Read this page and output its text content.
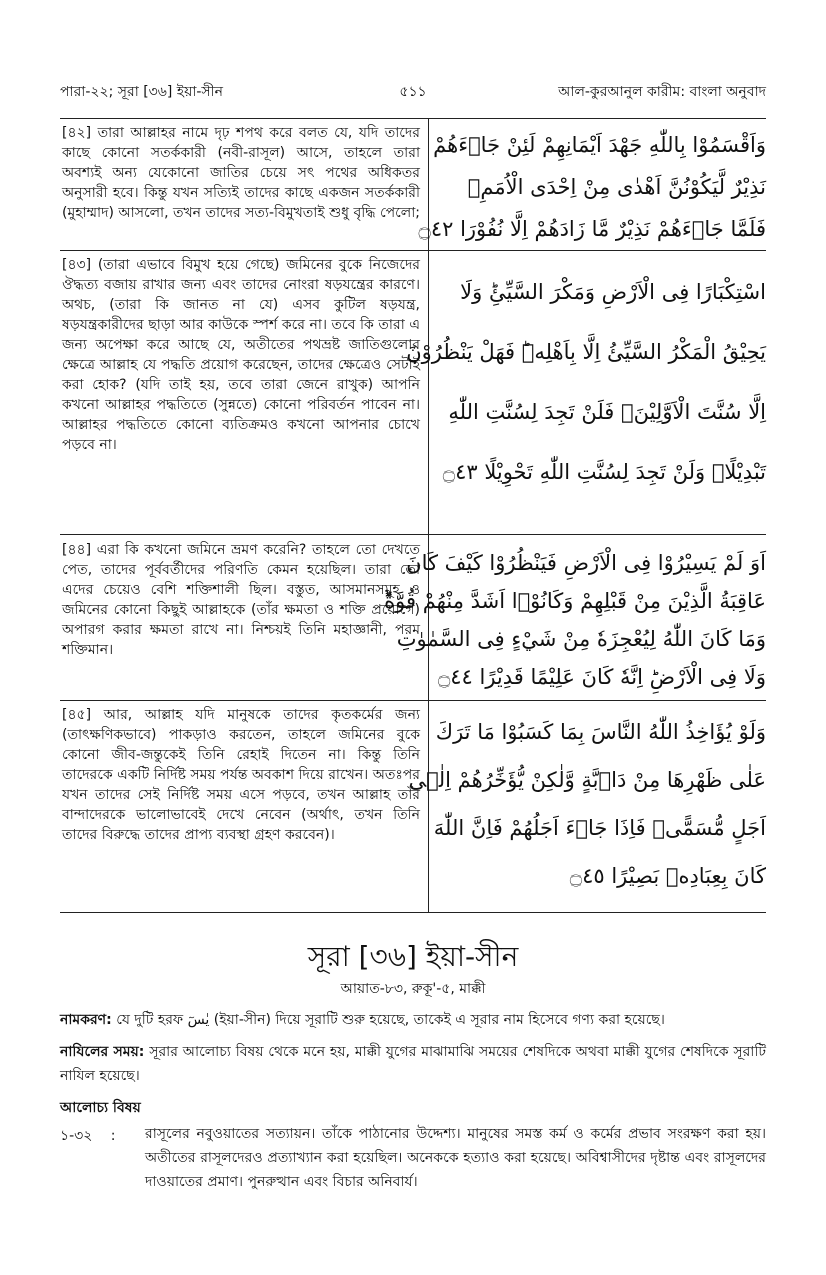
পারা-২২; সূরা [৩৬] ইয়া-সীন	৫১১	আল-কুরআনুল কারীম: বাংলা অনুবাদ
[৪২] তারা আল্লাহর নামে দৃঢ় শপথ করে বলত যে, যদি তাদের কাছে কোনো সতর্ককারী (নবী-রাসূল) আসে, তাহলে তারা অবশ্যই অন্য যেকোনো জাতির চেয়ে সৎ পথের অধিকতর অনুসারী হবে। কিন্তু যখন সত্যিই তাদের কাছে একজন সতর্ককারী (মুহাম্মাদ) আসলো, তখন তাদের সত্য-বিমুখতাই শুধু বৃদ্ধি পেলো;
وَاَقْسَمُوْا بِاللّٰهِ جَهْدَ اَيْمَانِهِمْ لَئِنْ جَاۤءَهُمْ
نَذِيْرٌ لَّيَكُوْنُنَّ اَهْدٰى مِنْ اِحْدَى الْاُمَمِۚ
فَلَمَّا جَاۤءَهُمْ نَذِيْرٌ مَّا زَادَهُمْ اِلَّا نُفُوْرَا ۝٤٢
[৪৩] (তারা এভাবে বিমুখ হয়ে গেছে) জমিনের বুকে নিজেদের ঔদ্ধত্য বজায় রাখার জন্য এবং তাদের নোংরা ষড়যন্ত্রের কারণে। অথচ, (তারা কি জানত না যে) এসব কুটিল ষড়যন্ত্র, ষড়যন্ত্রকারীদের ছাড়া আর কাউকে স্পর্শ করে না। তবে কি তারা এ জন্য অপেক্ষা করে আছে যে, অতীতের পথভ্রষ্ট জাতিগুলোর ক্ষেত্রে আল্লাহ যে পদ্ধতি প্রয়োগ করেছেন, তাদের ক্ষেত্রেও সেটাই করা হোক? (যদি তাই হয়, তবে তারা জেনে রাখুক) আপনি কখনো আল্লাহর পদ্ধতিতে (সুন্নতে) কোনো পরিবর্তন পাবেন না। আল্লাহর পদ্ধতিতে কোনো ব্যতিক্রমও কখনো আপনার চোখে পড়বে না।
اسْتِكْبَارًا فِى الْاَرْضِ وَمَكْرَ السَّيِّئِؕ وَلَا
يَحِيْقُ الْمَكْرُ السَّيِّئُ اِلَّا بِاَهْلِهٖؕ فَهَلْ يَنْظُرُوْنَ
اِلَّا سُنَّتَ الْاَوَّلِيْنَۚ فَلَنْ تَجِدَ لِسُنَّتِ اللّٰهِ
تَبْدِيْلًاۚ وَلَنْ تَجِدَ لِسُنَّتِ اللّٰهِ تَحْوِيْلًا ۝٤٣
[৪৪] এরা কি কখনো জমিনে ভ্রমণ করেনি? তাহলে তো দেখতে পেত, তাদের পূর্ববর্তীদের পরিণতি কেমন হয়েছিল। তারা তো এদের চেয়েও বেশি শক্তিশালী ছিল। বস্তুত, আসমানসমূহ ও জমিনের কোনো কিছুই আল্লাহকে (তাঁর ক্ষমতা ও শক্তি প্রয়োগে) অপারগ করার ক্ষমতা রাখে না। নিশ্চয়ই তিনি মহাজ্ঞানী, পরম শক্তিমান।
اَوَ لَمْ يَسِيْرُوْا فِى الْاَرْضِ فَيَنْظُرُوْا كَيْفَ كَانَ
عَاقِبَةُ الَّذِيْنَ مِنْ قَبْلِهِمْ وَكَانُوْۤا اَشَدَّ مِنْهُمْ قُوَّةًؕ
وَمَا كَانَ اللّٰهُ لِيُعْجِزَهٗ مِنْ شَيْءٍ فِى السَّمٰوٰتِ
وَلَا فِى الْاَرْضِؕ اِنَّهٗ كَانَ عَلِيْمًا قَدِيْرًا ۝٤٤
[৪৫] আর, আল্লাহ যদি মানুষকে তাদের কৃতকর্মের জন্য (তাৎক্ষণিকভাবে) পাকড়াও করতেন, তাহলে জমিনের বুকে কোনো জীব-জন্তুকেই তিনি রেহাই দিতেন না। কিন্তু তিনি তাদেরকে একটি নির্দিষ্ট সময় পর্যন্ত অবকাশ দিয়ে রাখেন। অতঃপর যখন তাদের সেই নির্দিষ্ট সময় এসে পড়বে, তখন আল্লাহ তাঁর বান্দাদেরকে ভালোভাবেই দেখে নেবেন (অর্থাৎ, তখন তিনি তাদের বিরুদ্ধে তাদের প্রাপ্য ব্যবস্থা গ্রহণ করবেন)।
وَلَوْ يُؤَاخِذُ اللّٰهُ النَّاسَ بِمَا كَسَبُوْا مَا تَرَكَ
عَلٰى ظَهْرِهَا مِنْ دَاۤبَّةٍ وَّلٰكِنْ يُّؤَخِّرُهُمْ اِلٰۤى
اَجَلٍ مُّسَمًّىۚ فَاِذَا جَاۤءَ اَجَلُهُمْ فَاِنَّ اللّٰهَ
كَانَ بِعِبَادِهٖ بَصِيْرًا ۝٤٥
সূরা [৩৬] ইয়া-সীন
আয়াত-৮৩, রুকূ'-৫, মাক্কী
নামকরণ: যে দুটি হরফ يٰسٓ (ইয়া-সীন) দিয়ে সূরাটি শুরু হয়েছে, তাকেই এ সূরার নাম হিসেবে গণ্য করা হয়েছে।
নাযিলের সময়: সূরার আলোচ্য বিষয় থেকে মনে হয়, মাক্কী যুগের মাঝামাঝি সময়ের শেষদিকে অথবা মাক্কী যুগের শেষদিকে সূরাটি নাযিল হয়েছে।
আলোচ্য বিষয়
১-৩২ : রাসূলের নবুওয়াতের সত্যায়ন। তাঁকে পাঠানোর উদ্দেশ্য। মানুষের সমস্ত কর্ম ও কর্মের প্রভাব সংরক্ষণ করা হয়। অতীতের রাসূলদেরও প্রত্যাখ্যান করা হয়েছিল। অনেককে হত্যাও করা হয়েছে। অবিশ্বাসীদের দৃষ্টান্ত এবং রাসূলদের দাওয়াতের প্রমাণ। পুনরুত্থান এবং বিচার অনিবার্য।
